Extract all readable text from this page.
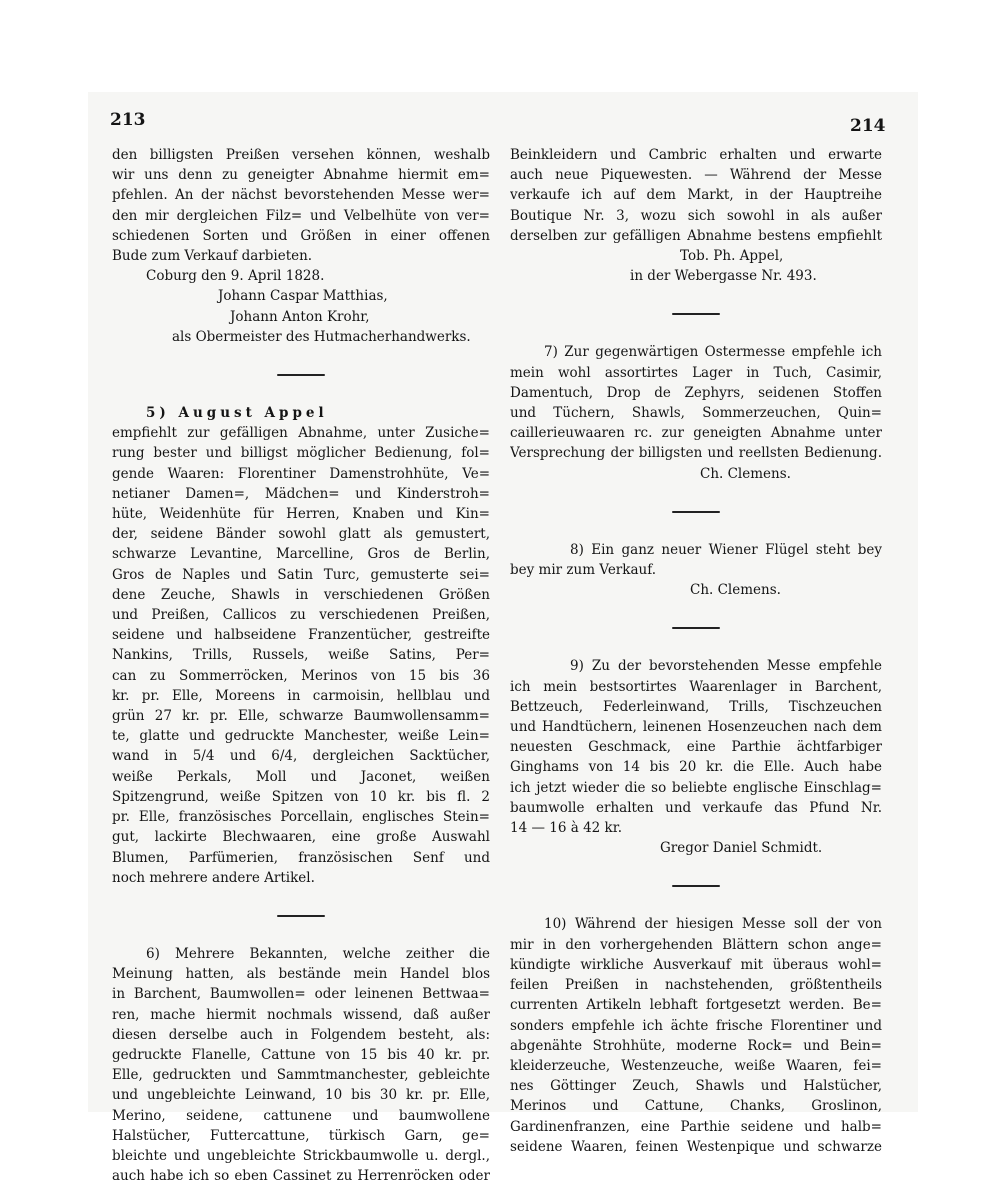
213	214
den billigsten Preißen versehen können, weshalb
wir uns denn zu geneigter Abnahme hiermit em=
pfehlen. An der nächst bevorstehenden Messe wer=
den mir dergleichen Filz= und Velbelhüte von ver=
schiedenen Sorten und Größen in einer offenen
Bude zum Verkauf darbieten.
Coburg den 9. April 1828.
Johann Caspar Matthias,
Johann Anton Krohr,
als Obermeister des Hutmacherhandwerks.
5) August Appel
empfiehlt zur gefälligen Abnahme, unter Zusiche=
rung bester und billigst möglicher Bedienung, fol=
gende Waaren: Florentiner Damenstrohhüte, Ve=
netianer Damen=, Mädchen= und Kinderstroh=
hüte, Weidenhüte für Herren, Knaben und Kin=
der, seidene Bänder sowohl glatt als gemustert,
schwarze Levantine, Marcelline, Gros de Berlin,
Gros de Naples und Satin Turc, gemusterte sei=
dene Zeuche, Shawls in verschiedenen Größen
und Preißen, Callicos zu verschiedenen Preißen,
seidene und halbseidene Franzentücher, gestreifte
Nankins, Trills, Russels, weiße Satins, Per=
can zu Sommerröcken, Merinos von 15 bis 36
kr. pr. Elle, Moreens in carmoisin, hellblau und
grün 27 kr. pr. Elle, schwarze Baumwollensamm=
te, glatte und gedruckte Manchester, weiße Lein=
wand in 5/4 und 6/4, dergleichen Sacktücher,
weiße Perkals, Moll und Jaconet, weißen
Spitzengrund, weiße Spitzen von 10 kr. bis fl. 2
pr. Elle, französisches Porcellain, englisches Stein=
gut, lackirte Blechwaaren, eine große Auswahl
Blumen, Parfümerien, französischen Senf und
noch mehrere andere Artikel.
6) Mehrere Bekannten, welche zeither die
Meinung hatten, als bestände mein Handel blos
in Barchent, Baumwollen= oder leinenen Bettwaa=
ren, mache hiermit nochmals wissend, daß außer
diesen derselbe auch in Folgendem besteht, als:
gedruckte Flanelle, Cattune von 15 bis 40 kr. pr.
Elle, gedruckten und Sammtmanchester, gebleichte
und ungebleichte Leinwand, 10 bis 30 kr. pr. Elle,
Merino, seidene, cattunene und baumwollene
Halstücher, Futtercattune, türkisch Garn, ge=
bleichte und ungebleichte Strickbaumwolle u. dergl.,
auch habe ich so eben Cassinet zu Herrenröcken oder
Beinkleidern und Cambric erhalten und erwarte
auch neue Piquewesten. — Während der Messe
verkaufe ich auf dem Markt, in der Hauptreihe
Boutique Nr. 3, wozu sich sowohl in als außer
derselben zur gefälligen Abnahme bestens empfiehlt
Tob. Ph. Appel,
in der Webergasse Nr. 493.
7) Zur gegenwärtigen Ostermesse empfehle ich
mein wohl assortirtes Lager in Tuch, Casimir,
Damentuch, Drop de Zephyrs, seidenen Stoffen
und Tüchern, Shawls, Sommerzeuchen, Quin=
caillerieuwaaren rc. zur geneigten Abnahme unter
Versprechung der billigsten und reellsten Bedienung.
Ch. Clemens.
8) Ein ganz neuer Wiener Flügel steht bey
bey mir zum Verkauf.
Ch. Clemens.
9) Zu der bevorstehenden Messe empfehle
ich mein bestsortirtes Waarenlager in Barchent,
Bettzeuch, Federleinwand, Trills, Tischzeuchen
und Handtüchern, leinenen Hosenzeuchen nach dem
neuesten Geschmack, eine Parthie ächtfarbiger
Ginghams von 14 bis 20 kr. die Elle. Auch habe
ich jetzt wieder die so beliebte englische Einschlag=
baumwolle erhalten und verkaufe das Pfund Nr.
14 — 16 à 42 kr.
Gregor Daniel Schmidt.
10) Während der hiesigen Messe soll der von
mir in den vorhergehenden Blättern schon ange=
kündigte wirkliche Ausverkauf mit überaus wohl=
feilen Preißen in nachstehenden, größtentheils
currenten Artikeln lebhaft fortgesetzt werden. Be=
sonders empfehle ich ächte frische Florentiner und
abgenähte Strohhüte, moderne Rock= und Bein=
kleiderzeuche, Westenzeuche, weiße Waaren, fei=
nes Göttinger Zeuch, Shawls und Halstücher,
Merinos und Cattune, Chanks, Groslinon,
Gardinenfranzen, eine Parthie seidene und halb=
seidene Waaren, feinen Westenpique und schwarze
